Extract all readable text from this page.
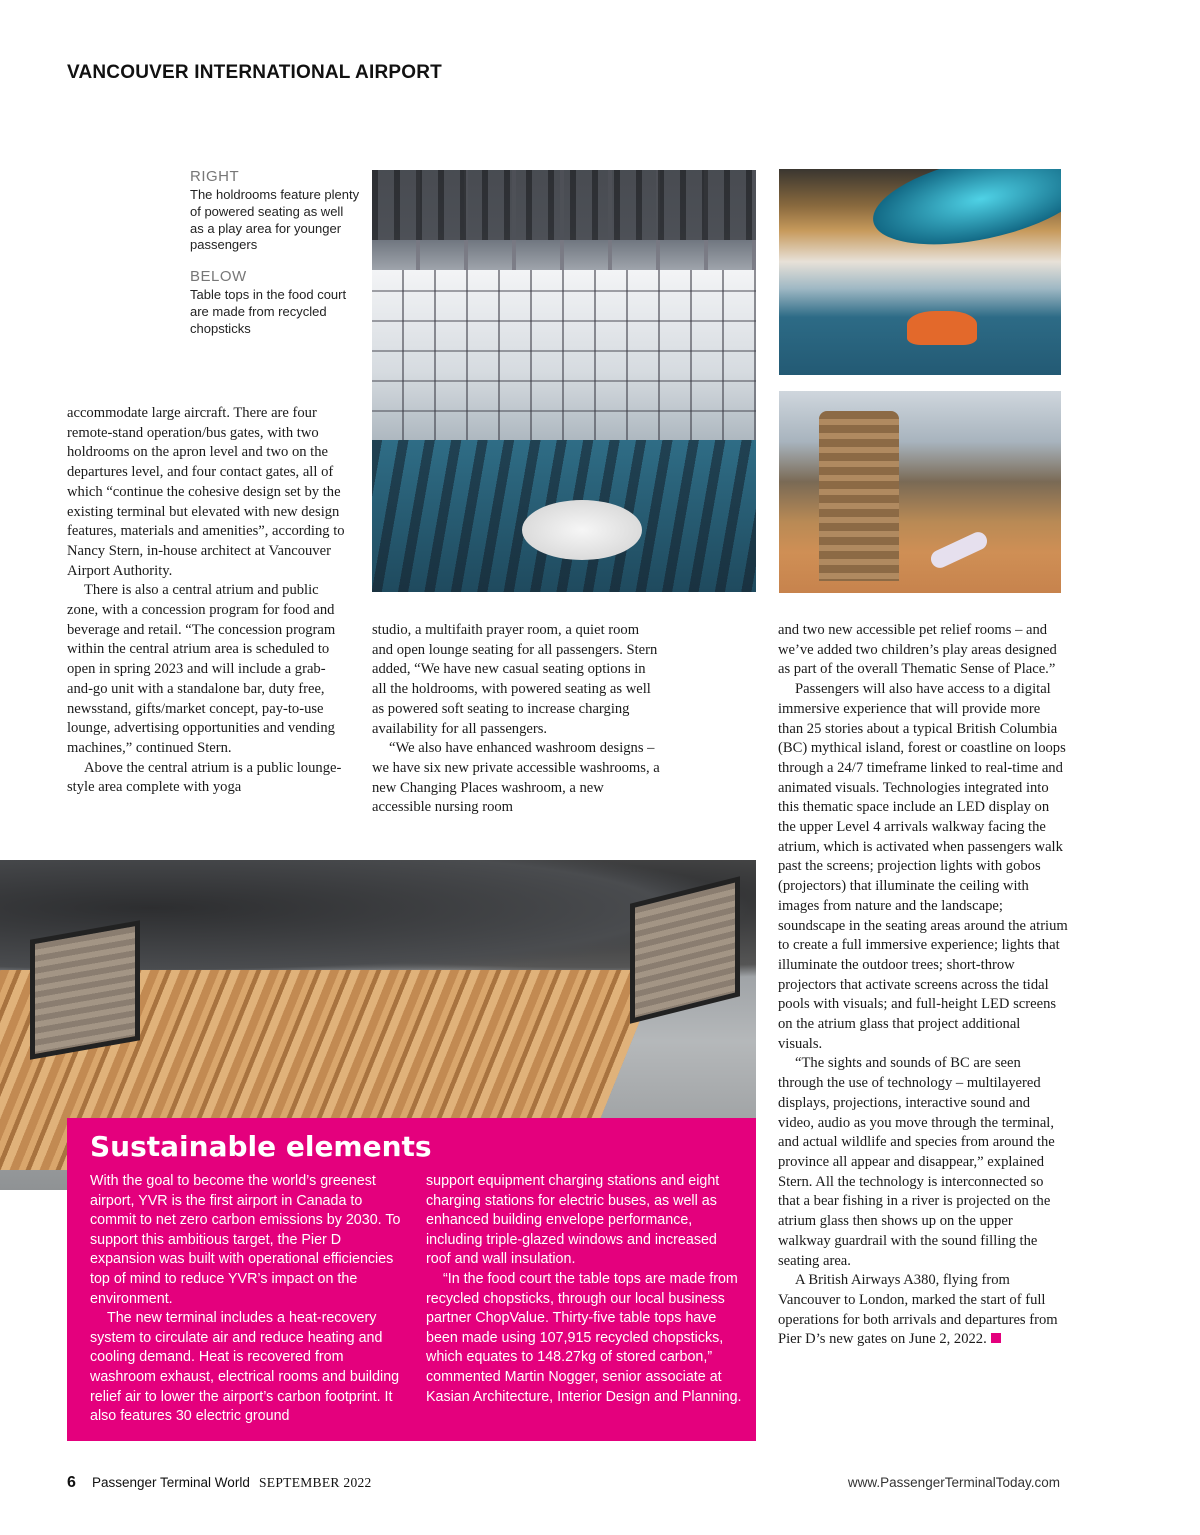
VANCOUVER INTERNATIONAL AIRPORT
RIGHT
The holdrooms feature plenty of powered seating as well as a play area for younger passengers
BELOW
Table tops in the food court are made from recycled chopsticks

accommodate large aircraft. There are four remote-stand operation/bus gates, with two holdrooms on the apron level and two on the departures level, and four contact gates, all of which “continue the cohesive design set by the existing terminal but elevated with new design features, materials and amenities”, according to Nancy Stern, in-house architect at Vancouver Airport Authority.

There is also a central atrium and public zone, with a concession program for food and beverage and retail. “The concession program within the central atrium area is scheduled to open in spring 2023 and will include a grab-and-go unit with a standalone bar, duty free, newsstand, gifts/market concept, pay-to-use lounge, advertising opportunities and vending machines,” continued Stern.

Above the central atrium is a public lounge-style area complete with yoga

studio, a multifaith prayer room, a quiet room and open lounge seating for all passengers. Stern added, “We have new casual seating options in all the holdrooms, with powered seating as well as powered soft seating to increase charging availability for all passengers.

“We also have enhanced washroom designs – we have six new private accessible washrooms, a new Changing Places washroom, a new accessible nursing room

and two new accessible pet relief rooms – and we’ve added two children’s play areas designed as part of the overall Thematic Sense of Place.”

Passengers will also have access to a digital immersive experience that will provide more than 25 stories about a typical British Columbia (BC) mythical island, forest or coastline on loops through a 24/7 timeframe linked to real-time and animated visuals. Technologies integrated into this thematic space include an LED display on the upper Level 4 arrivals walkway facing the atrium, which is activated when passengers walk past the screens; projection lights with gobos (projectors) that illuminate the ceiling with images from nature and the landscape; soundscape in the seating areas around the atrium to create a full immersive experience; lights that illuminate the outdoor trees; short-throw projectors that activate screens across the tidal pools with visuals; and full-height LED screens on the atrium glass that project additional visuals.

“The sights and sounds of BC are seen through the use of technology – multilayered displays, projections, interactive sound and video, audio as you move through the terminal, and actual wildlife and species from around the province all appear and disappear,” explained Stern. All the technology is interconnected so that a bear fishing in a river is projected on the atrium glass then shows up on the upper walkway guardrail with the sound filling the seating area.

A British Airways A380, flying from Vancouver to London, marked the start of full operations for both arrivals and departures from Pier D’s new gates on June 2, 2022.

Sustainable elements

With the goal to become the world’s greenest airport, YVR is the first airport in Canada to commit to net zero carbon emissions by 2030. To support this ambitious target, the Pier D expansion was built with operational efficiencies top of mind to reduce YVR’s impact on the environment.

The new terminal includes a heat-recovery system to circulate air and reduce heating and cooling demand. Heat is recovered from washroom exhaust, electrical rooms and building relief air to lower the airport’s carbon footprint. It also features 30 electric ground

support equipment charging stations and eight charging stations for electric buses, as well as enhanced building envelope performance, including triple-glazed windows and increased roof and wall insulation.

“In the food court the table tops are made from recycled chopsticks, through our local business partner ChopValue. Thirty-five table tops have been made using 107,915 recycled chopsticks, which equates to 148.27kg of stored carbon,” commented Martin Nogger, senior associate at Kasian Architecture, Interior Design and Planning.

6 Passenger Terminal World SEPTEMBER 2022	www.PassengerTerminalToday.com
